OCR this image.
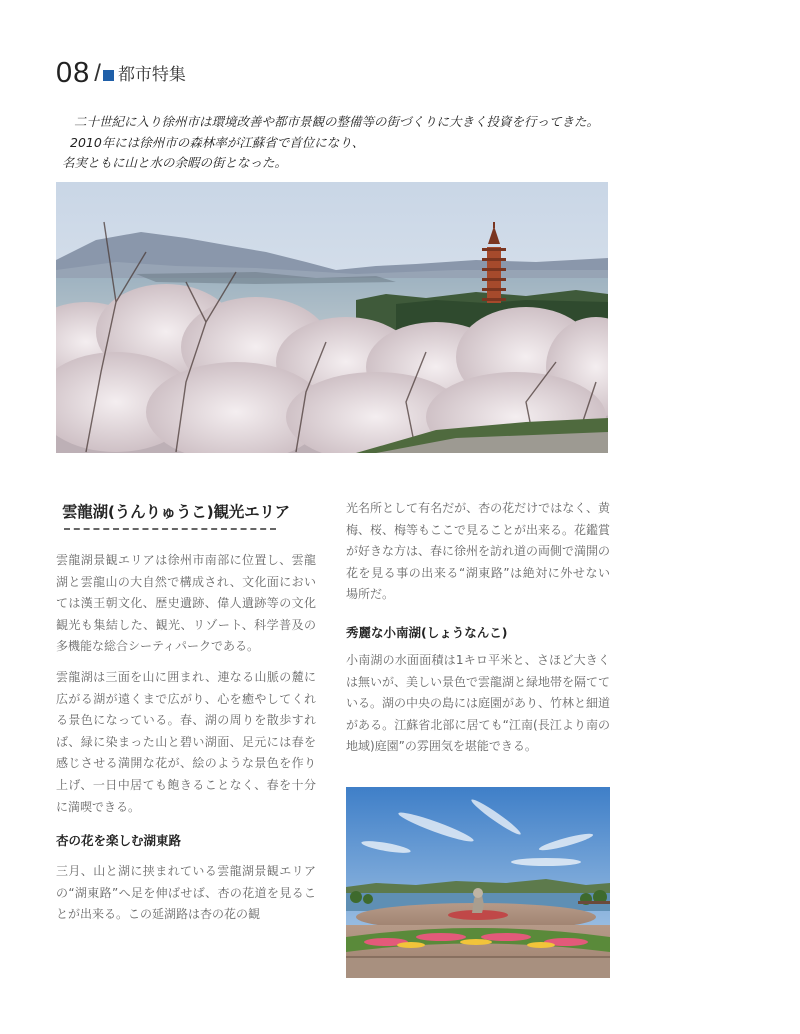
08 / 都市特集
二十世紀に入り徐州市は環境改善や都市景観の整備等の街づくりに大きく投資を行ってきた。
2010年には徐州市の森林率が江蘇省で首位になり、
名実ともに山と水の余暇の街となった。
雲龍湖(うんりゅうこ)観光エリア

雲龍湖景観エリアは徐州市南部に位置し、雲龍湖と雲龍山の大自然で構成され、文化面においては漢王朝文化、歴史遺跡、偉人遺跡等の文化観光も集結した、観光、リゾート、科学普及の多機能な総合シーティパークである。

雲龍湖は三面を山に囲まれ、連なる山脈の麓に広がる湖が遠くまで広がり、心を癒やしてくれる景色になっている。春、湖の周りを散歩すれば、緑に染まった山と碧い湖面、足元には春を感じさせる満開な花が、絵のような景色を作り上げ、一日中居ても飽きることなく、春を十分に満喫できる。

杏の花を楽しむ湖東路

三月、山と湖に挟まれている雲龍湖景観エリアの“湖東路”へ足を伸ばせば、杏の花道を見ることが出来る。この延湖路は杏の花の観

光名所として有名だが、杏の花だけではなく、黄梅、桜、梅等もここで見ることが出来る。花鑑賞が好きな方は、春に徐州を訪れ道の両側で満開の花を見る事の出来る“湖東路”は絶対に外せない場所だ。

秀麗な小南湖(しょうなんこ)

小南湖の水面面積は1キロ平米と、さほど大きくは無いが、美しい景色で雲龍湖と緑地帯を隔てている。湖の中央の島には庭園があり、竹林と細道がある。江蘇省北部に居ても“江南(長江より南の地域)庭園”の雰囲気を堪能できる。
